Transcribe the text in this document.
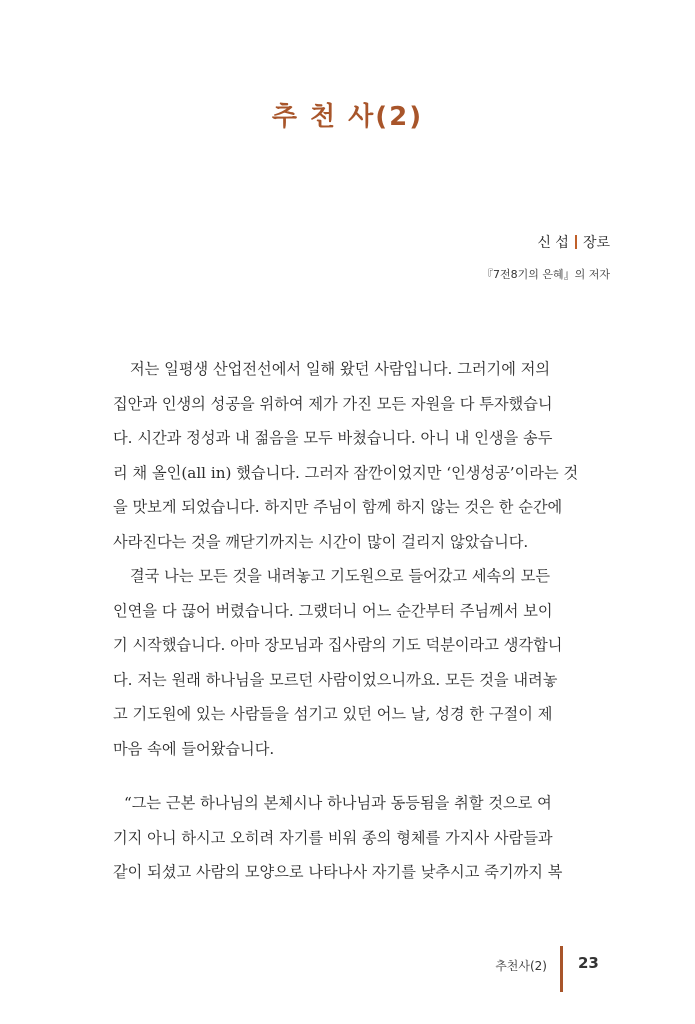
추 천 사(2)
신 섭 장로
『7전8기의 은혜』의 저자
저는 일평생 산업전선에서 일해 왔던 사람입니다. 그러기에 저의
집안과 인생의 성공을 위하여 제가 가진 모든 자원을 다 투자했습니
다. 시간과 정성과 내 젊음을 모두 바쳤습니다. 아니 내 인생을 송두
리 채 올인(all in) 했습니다. 그러자 잠깐이었지만 ‘인생성공’이라는 것
을 맛보게 되었습니다. 하지만 주님이 함께 하지 않는 것은 한 순간에
사라진다는 것을 깨닫기까지는 시간이 많이 걸리지 않았습니다.
결국 나는 모든 것을 내려놓고 기도원으로 들어갔고 세속의 모든
인연을 다 끊어 버렸습니다. 그랬더니 어느 순간부터 주님께서 보이
기 시작했습니다. 아마 장모님과 집사람의 기도 덕분이라고 생각합니
다. 저는 원래 하나님을 모르던 사람이었으니까요. 모든 것을 내려놓
고 기도원에 있는 사람들을 섬기고 있던 어느 날, 성경 한 구절이 제
마음 속에 들어왔습니다.
“그는 근본 하나님의 본체시나 하나님과 동등됨을 취할 것으로 여
기지 아니 하시고 오히려 자기를 비워 종의 형체를 가지사 사람들과
같이 되셨고 사람의 모양으로 나타나사 자기를 낮추시고 죽기까지 복
추천사(2) 23
